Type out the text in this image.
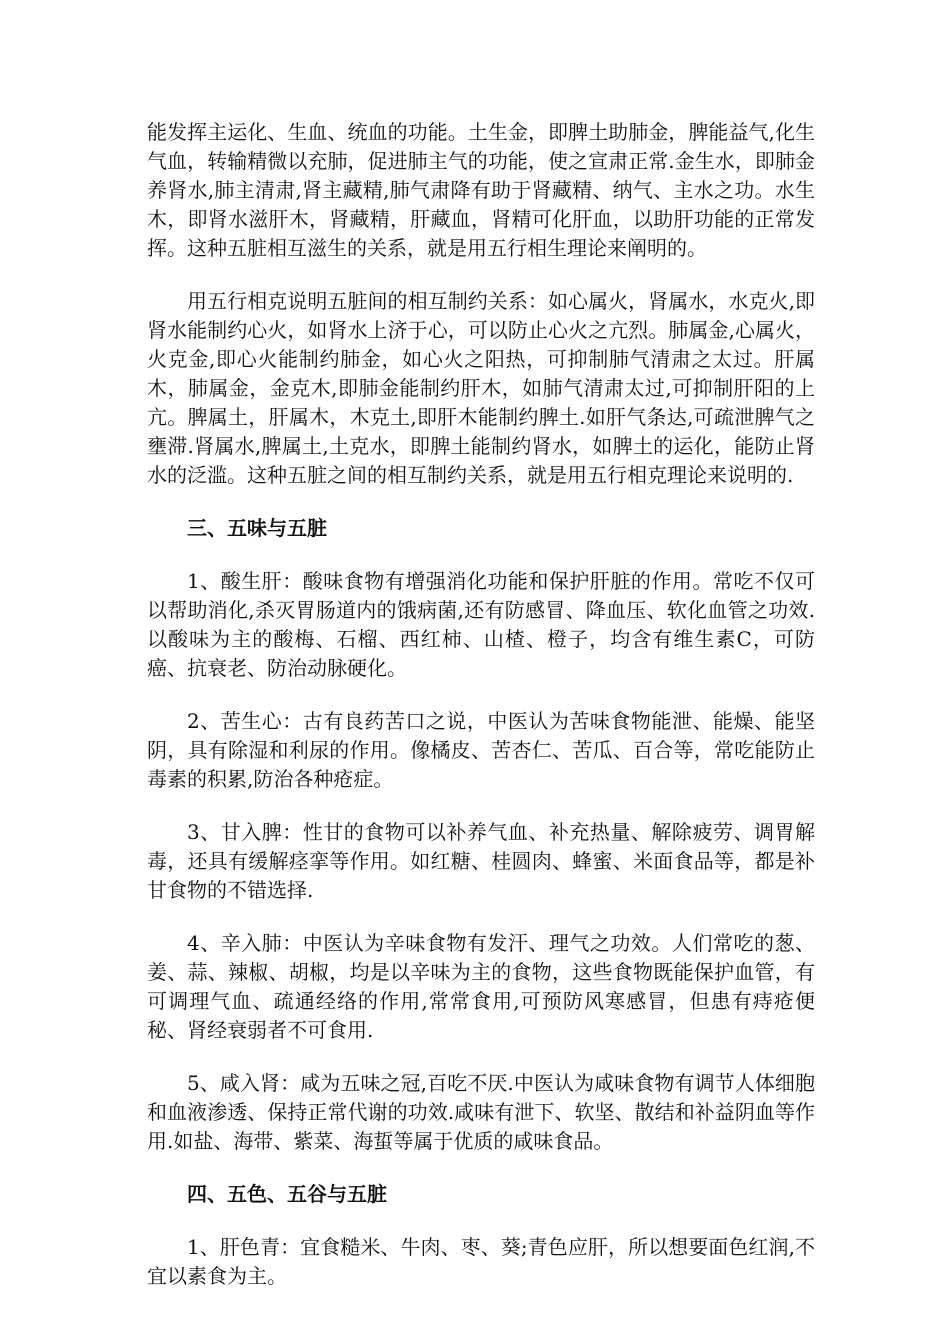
能发挥主运化、生血、统血的功能。土生金，即脾土助肺金，脾能益气,化生气血，转输精微以充肺，促进肺主气的功能，使之宣肃正常.金生水，即肺金养肾水,肺主清肃,肾主藏精,肺气肃降有助于肾藏精、纳气、主水之功。水生木，即肾水滋肝木，肾藏精，肝藏血，肾精可化肝血，以助肝功能的正常发挥。这种五脏相互滋生的关系，就是用五行相生理论来阐明的。

用五行相克说明五脏间的相互制约关系：如心属火，肾属水，水克火,即肾水能制约心火，如肾水上济于心，可以防止心火之亢烈。肺属金,心属火，火克金,即心火能制约肺金，如心火之阳热，可抑制肺气清肃之太过。肝属木，肺属金，金克木,即肺金能制约肝木，如肺气清肃太过,可抑制肝阳的上亢。脾属土，肝属木，木克土,即肝木能制约脾土.如肝气条达,可疏泄脾气之壅滞.肾属水,脾属土,土克水，即脾土能制约肾水，如脾土的运化，能防止肾水的泛滥。这种五脏之间的相互制约关系，就是用五行相克理论来说明的.

三、五味与五脏

1、酸生肝：酸味食物有增强消化功能和保护肝脏的作用。常吃不仅可以帮助消化,杀灭胃肠道内的饿病菌,还有防感冒、降血压、软化血管之功效.以酸味为主的酸梅、石榴、西红柿、山楂、橙子，均含有维生素C，可防癌、抗衰老、防治动脉硬化。

2、苦生心：古有良药苦口之说，中医认为苦味食物能泄、能燥、能坚阴，具有除湿和利尿的作用。像橘皮、苦杏仁、苦瓜、百合等，常吃能防止毒素的积累,防治各种疮症。

3、甘入脾：性甘的食物可以补养气血、补充热量、解除疲劳、调胃解毒，还具有缓解痉挛等作用。如红糖、桂圆肉、蜂蜜、米面食品等，都是补甘食物的不错选择.

4、辛入肺：中医认为辛味食物有发汗、理气之功效。人们常吃的葱、姜、蒜、辣椒、胡椒，均是以辛味为主的食物，这些食物既能保护血管，有可调理气血、疏通经络的作用,常常食用,可预防风寒感冒，但患有痔疮便秘、肾经衰弱者不可食用.

5、咸入肾：咸为五味之冠,百吃不厌.中医认为咸味食物有调节人体细胞和血液渗透、保持正常代谢的功效.咸味有泄下、软坚、散结和补益阴血等作用.如盐、海带、紫菜、海蜇等属于优质的咸味食品。

四、五色、五谷与五脏

1、肝色青：宜食糙米、牛肉、枣、葵;青色应肝，所以想要面色红润,不宜以素食为主。
